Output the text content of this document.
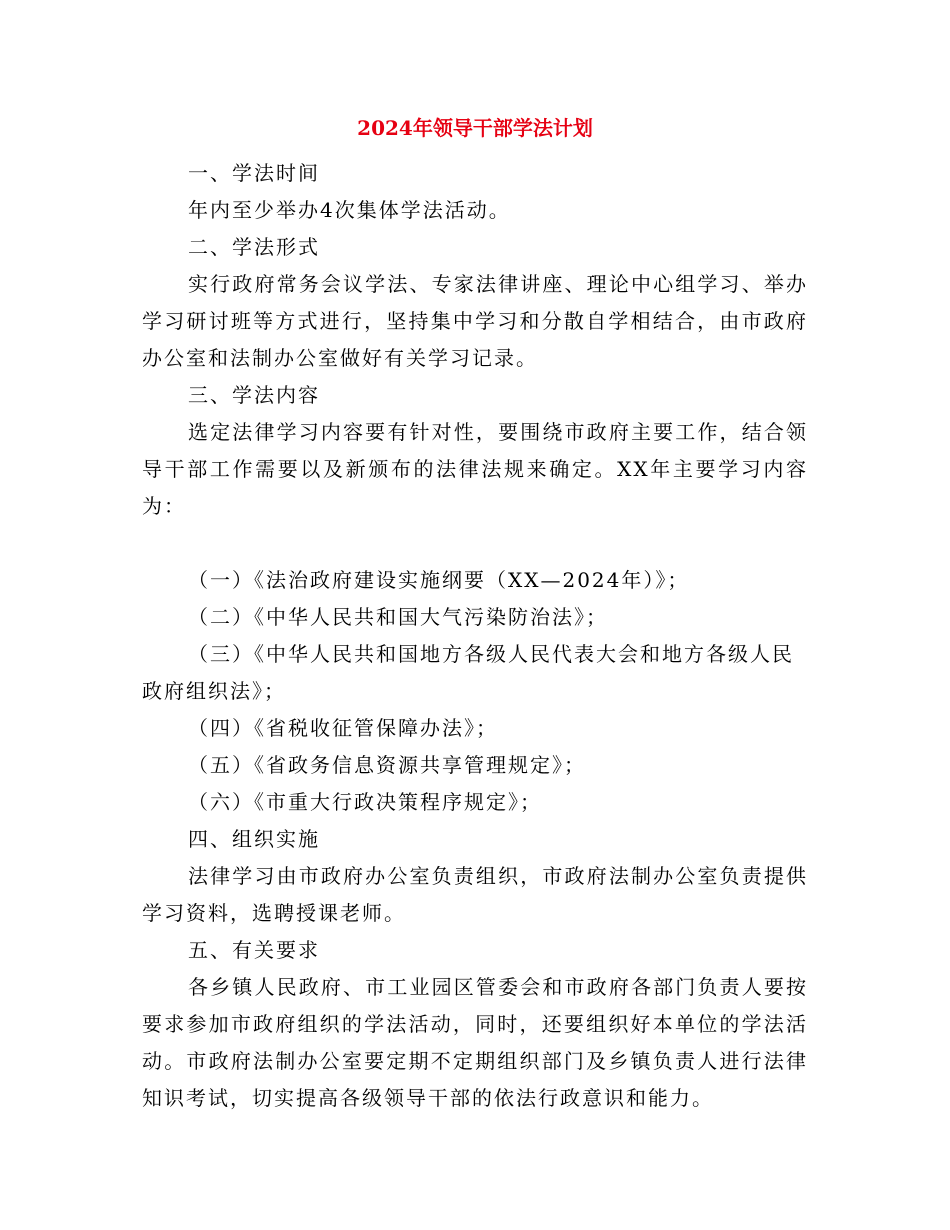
2024年领导干部学法计划

一、学法时间

年内至少举办4次集体学法活动。

二、学法形式

实行政府常务会议学法、专家法律讲座、理论中心组学习、举办学习研讨班等方式进行，坚持集中学习和分散自学相结合，由市政府办公室和法制办公室做好有关学习记录。

三、学法内容

选定法律学习内容要有针对性，要围绕市政府主要工作，结合领导干部工作需要以及新颁布的法律法规来确定。XX年主要学习内容为：

（一）《法治政府建设实施纲要（XX—2024年）》；

（二）《中华人民共和国大气污染防治法》；

（三）《中华人民共和国地方各级人民代表大会和地方各级人民政府组织法》；

（四）《省税收征管保障办法》；

（五）《省政务信息资源共享管理规定》；

（六）《市重大行政决策程序规定》；

四、组织实施

法律学习由市政府办公室负责组织，市政府法制办公室负责提供学习资料，选聘授课老师。

五、有关要求

各乡镇人民政府、市工业园区管委会和市政府各部门负责人要按要求参加市政府组织的学法活动，同时，还要组织好本单位的学法活动。市政府法制办公室要定期不定期组织部门及乡镇负责人进行法律知识考试，切实提高各级领导干部的依法行政意识和能力。
